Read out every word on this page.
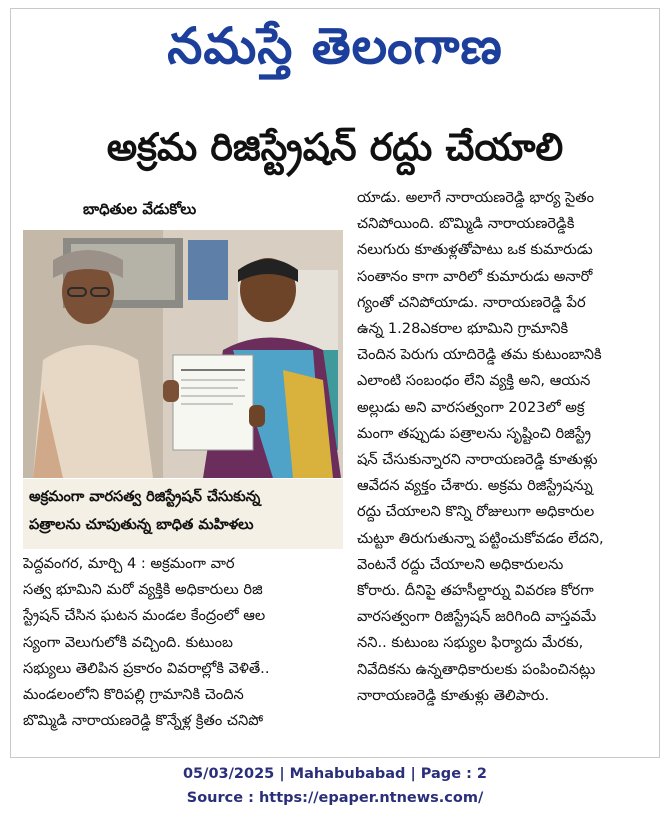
నమస్తే తెలంగాణ
అక్రమ రిజిస్ట్రేషన్ రద్దు చేయాలి
బాధితుల వేడుకోలు
అక్రమంగా వారసత్వ రిజిస్ట్రేషన్ చేసుకున్న
పత్రాలను చూపుతున్న బాధిత మహిళలు
పెద్దవంగర, మార్చి 4 : అక్రమంగా వార
సత్వ భూమిని మరో వ్యక్తికి అధికారులు రిజి
స్ట్రేషన్ చేసిన ఘటన మండల కేంద్రంలో ఆల
స్యంగా వెలుగులోకి వచ్చింది. కుటుంబ
సభ్యులు తెలిపిన ప్రకారం వివరాల్లోకి వెళితే..
మండలంలోని కొరిపల్లి గ్రామానికి చెందిన
బొమ్మిడి నారాయణరెడ్డి కొన్నేళ్ల క్రితం చనిపో
యాడు. అలాగే నారాయణరెడ్డి భార్య సైతం
చనిపోయింది. బొమ్మిడి నారాయణరెడ్డికి
నలుగురు కూతుళ్లతోపాటు ఒక కుమారుడు
సంతానం కాగా వారిలో కుమారుడు అనారో
గ్యంతో చనిపోయాడు. నారాయణరెడ్డి పేర
ఉన్న 1.28ఎకరాల భూమిని గ్రామానికి
చెందిన పెరుగు యాదిరెడ్డి తమ కుటుంబానికి
ఎలాంటి సంబంధం లేని వ్యక్తి అని, ఆయన
అల్లుడు అని వారసత్వంగా 2023లో అక్ర
మంగా తప్పుడు పత్రాలను సృష్టించి రిజిస్ట్రే
షన్ చేసుకున్నారని నారాయణరెడ్డి కూతుళ్లు
ఆవేదన వ్యక్తం చేశారు. అక్రమ రిజిస్ట్రేషన్ను
రద్దు చేయాలని కొన్ని రోజులుగా అధికారుల
చుట్టూ తిరుగుతున్నా పట్టించుకోవడం లేదని,
వెంటనే రద్దు చేయాలని అధికారులను
కోరారు. దీనిపై తహసీల్దార్ను వివరణ కోరగా
వారసత్వంగా రిజిస్ట్రేషన్ జరిగింది వాస్తవమే
నని.. కుటుంబ సభ్యుల ఫిర్యాదు మేరకు,
నివేదికను ఉన్నతాధికారులకు పంపించినట్లు
నారాయణరెడ్డి కూతుళ్లు తెలిపారు.
05/03/2025 | Mahabubabad | Page : 2
Source : https://epaper.ntnews.com/
